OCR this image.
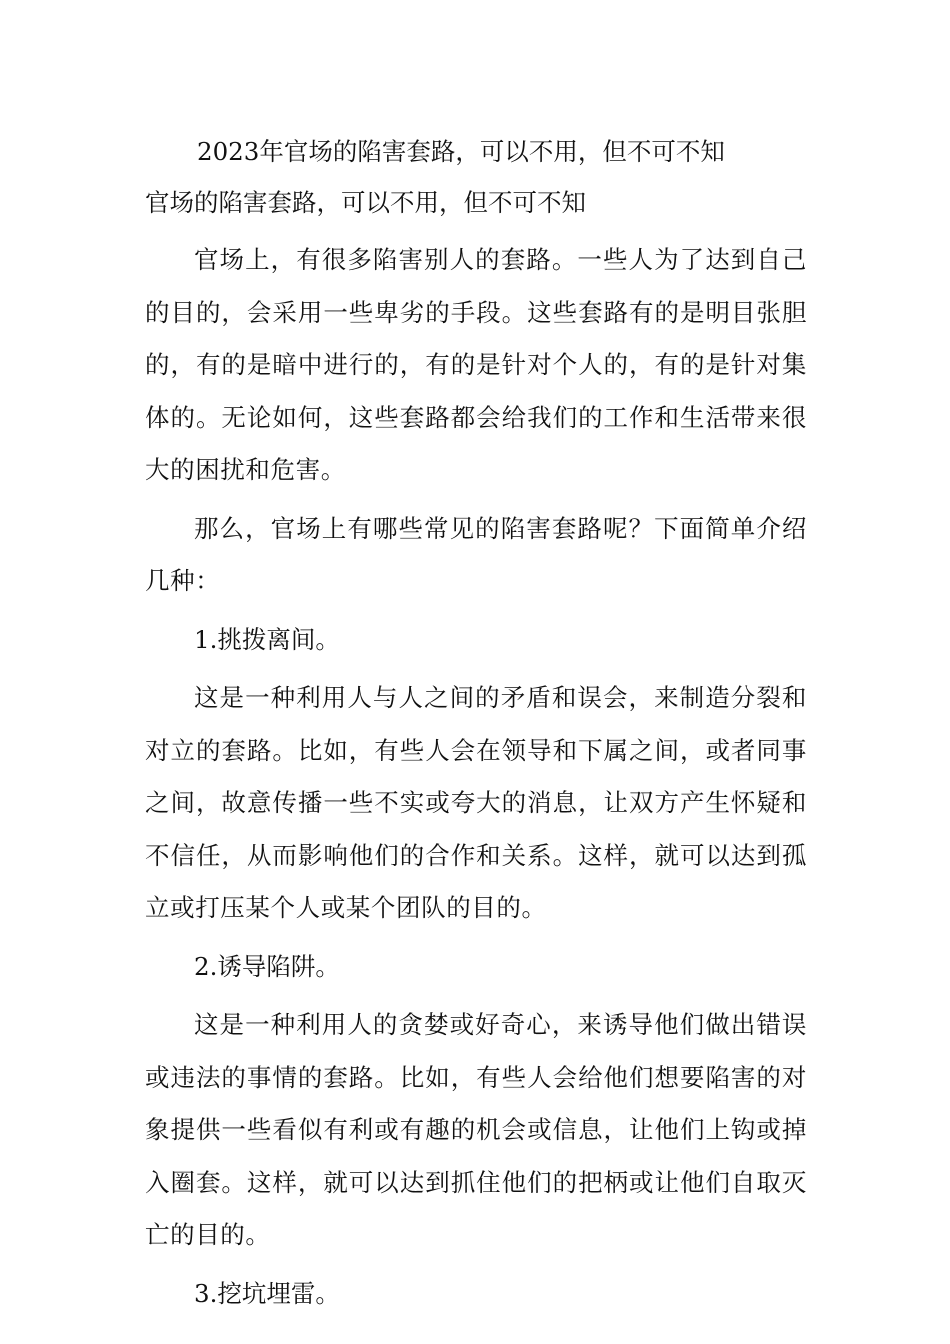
2023年官场的陷害套路，可以不用，但不可不知
官场的陷害套路，可以不用，但不可不知

官场上，有很多陷害别人的套路。一些人为了达到自己的目的，会采用一些卑劣的手段。这些套路有的是明目张胆的，有的是暗中进行的，有的是针对个人的，有的是针对集体的。无论如何，这些套路都会给我们的工作和生活带来很大的困扰和危害。

那么，官场上有哪些常见的陷害套路呢？下面简单介绍几种：

1.挑拨离间。

这是一种利用人与人之间的矛盾和误会，来制造分裂和对立的套路。比如，有些人会在领导和下属之间，或者同事之间，故意传播一些不实或夸大的消息，让双方产生怀疑和不信任，从而影响他们的合作和关系。这样，就可以达到孤立或打压某个人或某个团队的目的。

2.诱导陷阱。

这是一种利用人的贪婪或好奇心，来诱导他们做出错误或违法的事情的套路。比如，有些人会给他们想要陷害的对象提供一些看似有利或有趣的机会或信息，让他们上钩或掉入圈套。这样，就可以达到抓住他们的把柄或让他们自取灭亡的目的。

3.挖坑埋雷。
